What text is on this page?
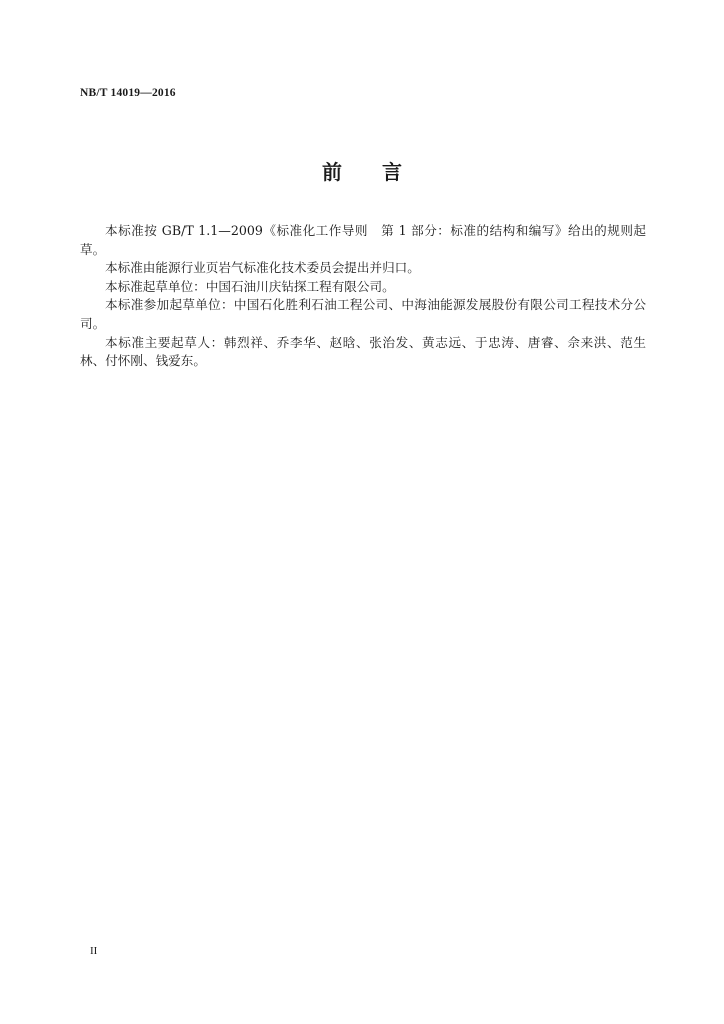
NB/T 14019—2016
前 言

本标准按 GB/T 1.1—2009《标准化工作导则　第 1 部分：标准的结构和编写》给出的规则起草。

本标准由能源行业页岩气标准化技术委员会提出并归口。

本标准起草单位：中国石油川庆钻探工程有限公司。

本标准参加起草单位：中国石化胜利石油工程公司、中海油能源发展股份有限公司工程技术分公司。

本标准主要起草人：韩烈祥、乔李华、赵晗、张治发、黄志远、于忠涛、唐睿、佘来洪、范生林、付怀刚、钱爱东。

II
